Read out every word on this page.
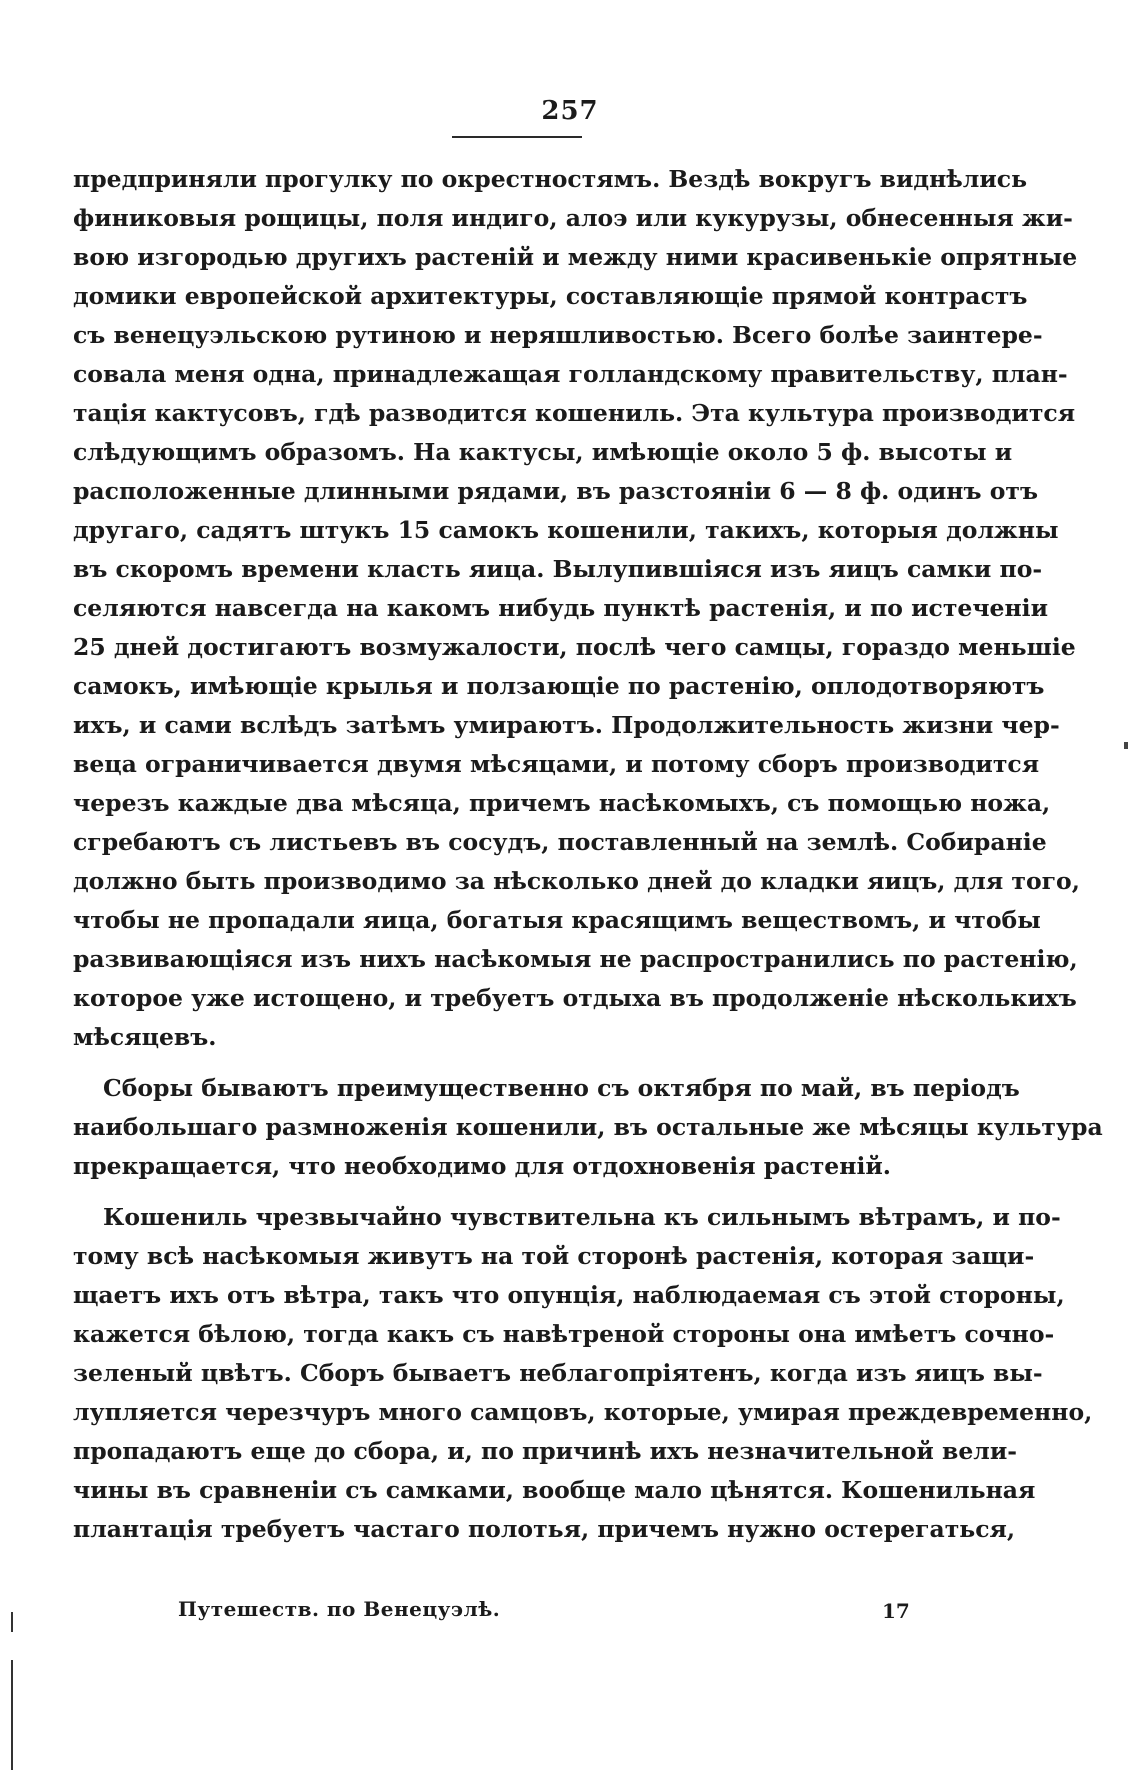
257
предприняли прогулку по окрестностямъ. Вездѣ вокругъ виднѣлись
финиковыя рощицы, поля индиго, алоэ или кукурузы, обнесенныя жи-
вою изгородью другихъ растеній и между ними красивенькіе опрятные
домики европейской архитектуры, составляющіе прямой контрастъ
съ венецуэльскою рутиною и неряшливостью. Всего болѣе заинтере-
совала меня одна, принадлежащая голландскому правительству, план-
тація кактусовъ, гдѣ разводится кошениль. Эта культура производится
слѣдующимъ образомъ. На кактусы, имѣющіе около 5 ф. высоты и
расположенные длинными рядами, въ разстояніи 6 — 8 ф. одинъ отъ
другаго, садятъ штукъ 15 самокъ кошенили, такихъ, которыя должны
въ скоромъ времени класть яица. Вылупившіяся изъ яицъ самки по-
селяются навсегда на какомъ нибудь пунктѣ растенія, и по истеченіи
25 дней достигаютъ возмужалости, послѣ чего самцы, гораздо меньшіе
самокъ, имѣющіе крылья и ползающіе по растенію, оплодотворяютъ
ихъ, и сами вслѣдъ затѣмъ умираютъ. Продолжительность жизни чер-
веца ограничивается двумя мѣсяцами, и потому сборъ производится
черезъ каждые два мѣсяца, причемъ насѣкомыхъ, съ помощью ножа,
сгребаютъ съ листьевъ въ сосудъ, поставленный на землѣ. Собираніе
должно быть производимо за нѣсколько дней до кладки яицъ, для того,
чтобы не пропадали яица, богатыя красящимъ веществомъ, и чтобы
развивающіяся изъ нихъ насѣкомыя не распространились по растенію,
которое уже истощено, и требуетъ отдыха въ продолженіе нѣсколькихъ
мѣсяцевъ.
Сборы бываютъ преимущественно съ октября по май, въ періодъ
наибольшаго размноженія кошенили, въ остальные же мѣсяцы культура
прекращается, что необходимо для отдохновенія растеній.
Кошениль чрезвычайно чувствительна къ сильнымъ вѣтрамъ, и по-
тому всѣ насѣкомыя живутъ на той сторонѣ растенія, которая защи-
щаетъ ихъ отъ вѣтра, такъ что опунція, наблюдаемая съ этой стороны,
кажется бѣлою, тогда какъ съ навѣтреной стороны она имѣетъ сочно-
зеленый цвѣтъ. Сборъ бываетъ неблагопріятенъ, когда изъ яицъ вы-
лупляется черезчуръ много самцовъ, которые, умирая преждевременно,
пропадаютъ еще до сбора, и, по причинѣ ихъ незначительной вели-
чины въ сравненіи съ самками, вообще мало цѣнятся. Кошенильная
плантація требуетъ частаго полотья, причемъ нужно остерегаться,
Путешеств. по Венецуэлѣ.	17
